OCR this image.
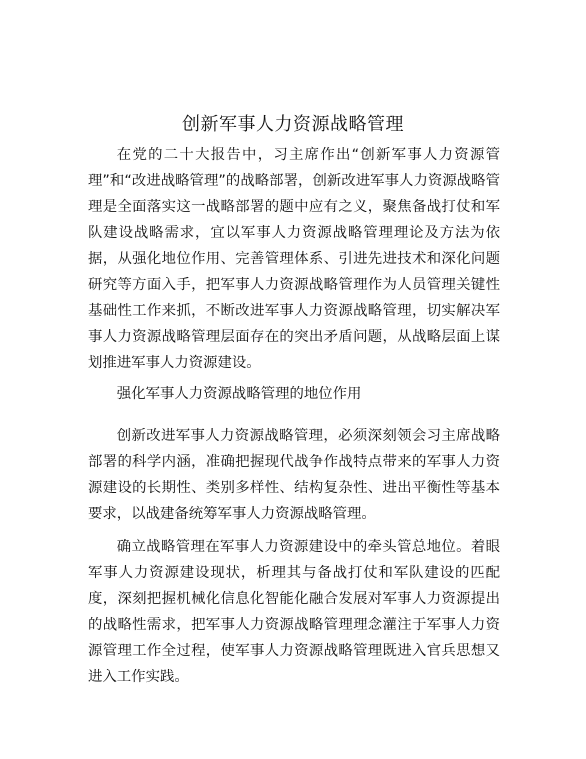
创新军事人力资源战略管理

在党的二十大报告中，习主席作出“创新军事人力资源管理”和“改进战略管理”的战略部署，创新改进军事人力资源战略管理是全面落实这一战略部署的题中应有之义，聚焦备战打仗和军队建设战略需求，宜以军事人力资源战略管理理论及方法为依据，从强化地位作用、完善管理体系、引进先进技术和深化问题研究等方面入手，把军事人力资源战略管理作为人员管理关键性基础性工作来抓，不断改进军事人力资源战略管理，切实解决军事人力资源战略管理层面存在的突出矛盾问题，从战略层面上谋划推进军事人力资源建设。

强化军事人力资源战略管理的地位作用

创新改进军事人力资源战略管理，必须深刻领会习主席战略部署的科学内涵，准确把握现代战争作战特点带来的军事人力资源建设的长期性、类别多样性、结构复杂性、进出平衡性等基本要求，以战建备统筹军事人力资源战略管理。

确立战略管理在军事人力资源建设中的牵头管总地位。着眼军事人力资源建设现状，析理其与备战打仗和军队建设的匹配度，深刻把握机械化信息化智能化融合发展对军事人力资源提出的战略性需求，把军事人力资源战略管理理念灌注于军事人力资源管理工作全过程，使军事人力资源战略管理既进入官兵思想又进入工作实践。
